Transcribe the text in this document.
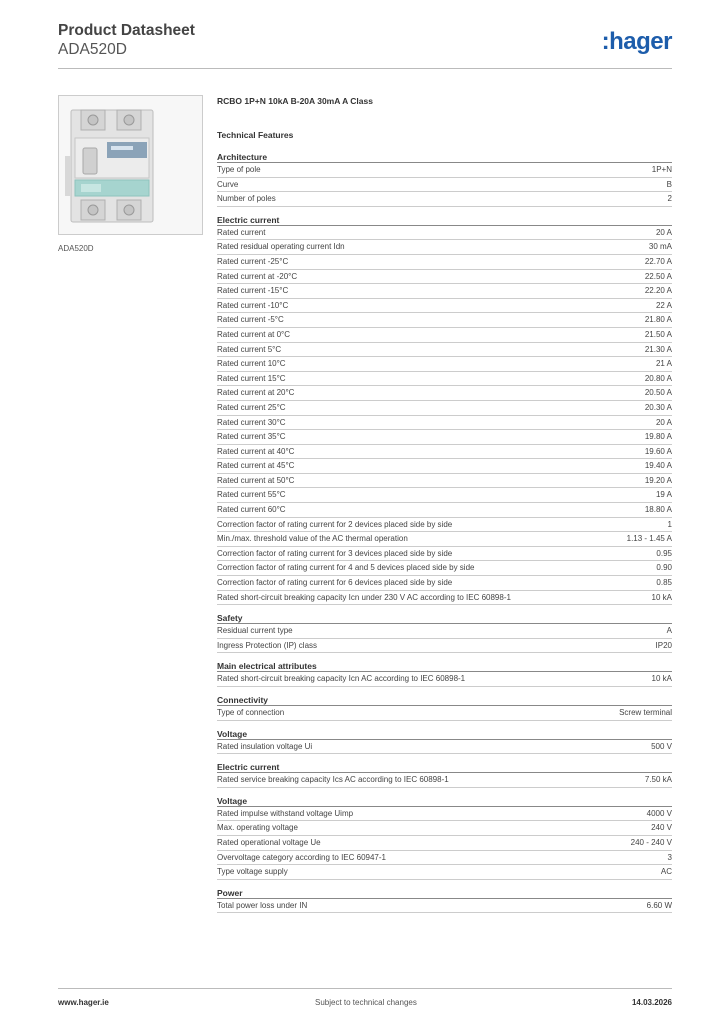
Product Datasheet
ADA520D	:hager
ADA520D
RCBO 1P+N 10kA B-20A 30mA A Class
Technical Features
Architecture
Type of pole	1P+N
Curve	B
Number of poles	2
Electric current
Rated current	20 A
Rated residual operating current Idn	30 mA
Rated current -25°C	22.70 A
Rated current at -20°C	22.50 A
Rated current -15°C	22.20 A
Rated current -10°C	22 A
Rated current -5°C	21.80 A
Rated current at 0°C	21.50 A
Rated current 5°C	21.30 A
Rated current 10°C	21 A
Rated current 15°C	20.80 A
Rated current at 20°C	20.50 A
Rated current 25°C	20.30 A
Rated current 30°C	20 A
Rated current 35°C	19.80 A
Rated current at 40°C	19.60 A
Rated current at 45°C	19.40 A
Rated current at 50°C	19.20 A
Rated current 55°C	19 A
Rated current 60°C	18.80 A
Correction factor of rating current for 2 devices placed side by side	1
Min./max. threshold value of the AC thermal operation	1.13 - 1.45 A
Correction factor of rating current for 3 devices placed side by side	0.95
Correction factor of rating current for 4 and 5 devices placed side by side	0.90
Correction factor of rating current for 6 devices placed side by side	0.85
Rated short-circuit breaking capacity Icn under 230 V AC according to IEC 60898-1	10 kA
Safety
Residual current type	A
Ingress Protection (IP) class	IP20
Main electrical attributes
Rated short-circuit breaking capacity Icn AC according to IEC 60898-1	10 kA
Connectivity
Type of connection	Screw terminal
Voltage
Rated insulation voltage Ui	500 V
Electric current
Rated service breaking capacity Ics AC according to IEC 60898-1	7.50 kA
Voltage
Rated impulse withstand voltage Uimp	4000 V
Max. operating voltage	240 V
Rated operational voltage Ue	240 - 240 V
Overvoltage category according to IEC 60947-1	3
Type voltage supply	AC
Power
Total power loss under IN	6.60 W
www.hager.ie	Subject to technical changes	14.03.2026
